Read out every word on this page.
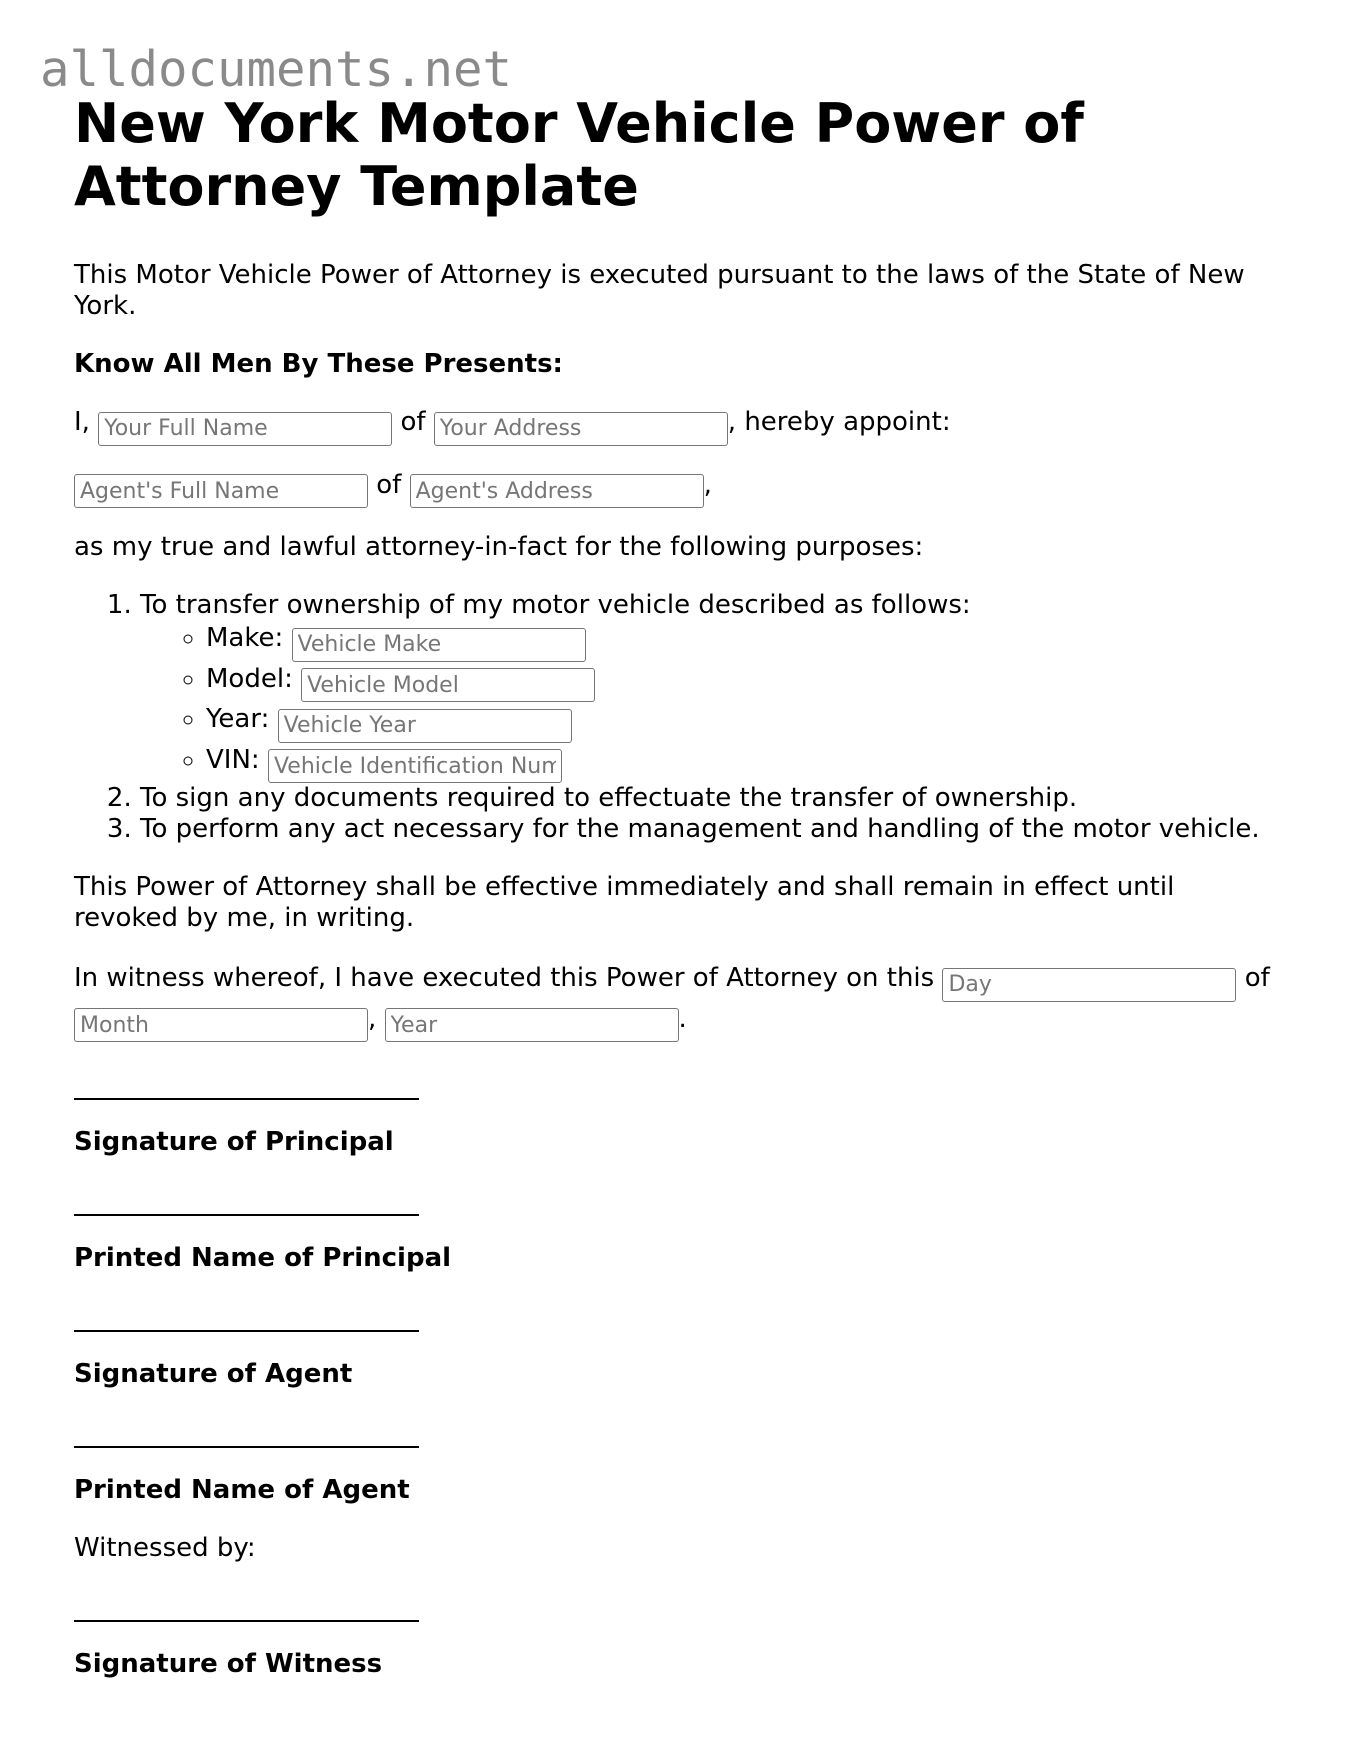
alldocuments.net
New York Motor Vehicle Power of Attorney Template

This Motor Vehicle Power of Attorney is executed pursuant to the laws of the State of New York.

Know All Men By These Presents:

I, Your Full Name	of Your Address	, hereby appoint:

Agent's Full Name of Agent's Address	,

as my true and lawful attorney-in-fact for the following purposes:

1. To transfer ownership of my motor vehicle described as follows:
◦ Make: Vehicle Make
◦ Model: Vehicle Model
◦ Year: Vehicle Year
◦ VIN: Vehicle Identification Number
2. To sign any documents required to effectuate the transfer of ownership.
3. To perform any act necessary for the management and handling of the motor vehicle.

This Power of Attorney shall be effective immediately and shall remain in effect until revoked by me, in writing.

In witness whereof, I have executed this Power of Attorney on this Day	of Month, Year	.

Signature of Principal

Printed Name of Principal

Signature of Agent

Printed Name of Agent

Witnessed by:

Signature of Witness
